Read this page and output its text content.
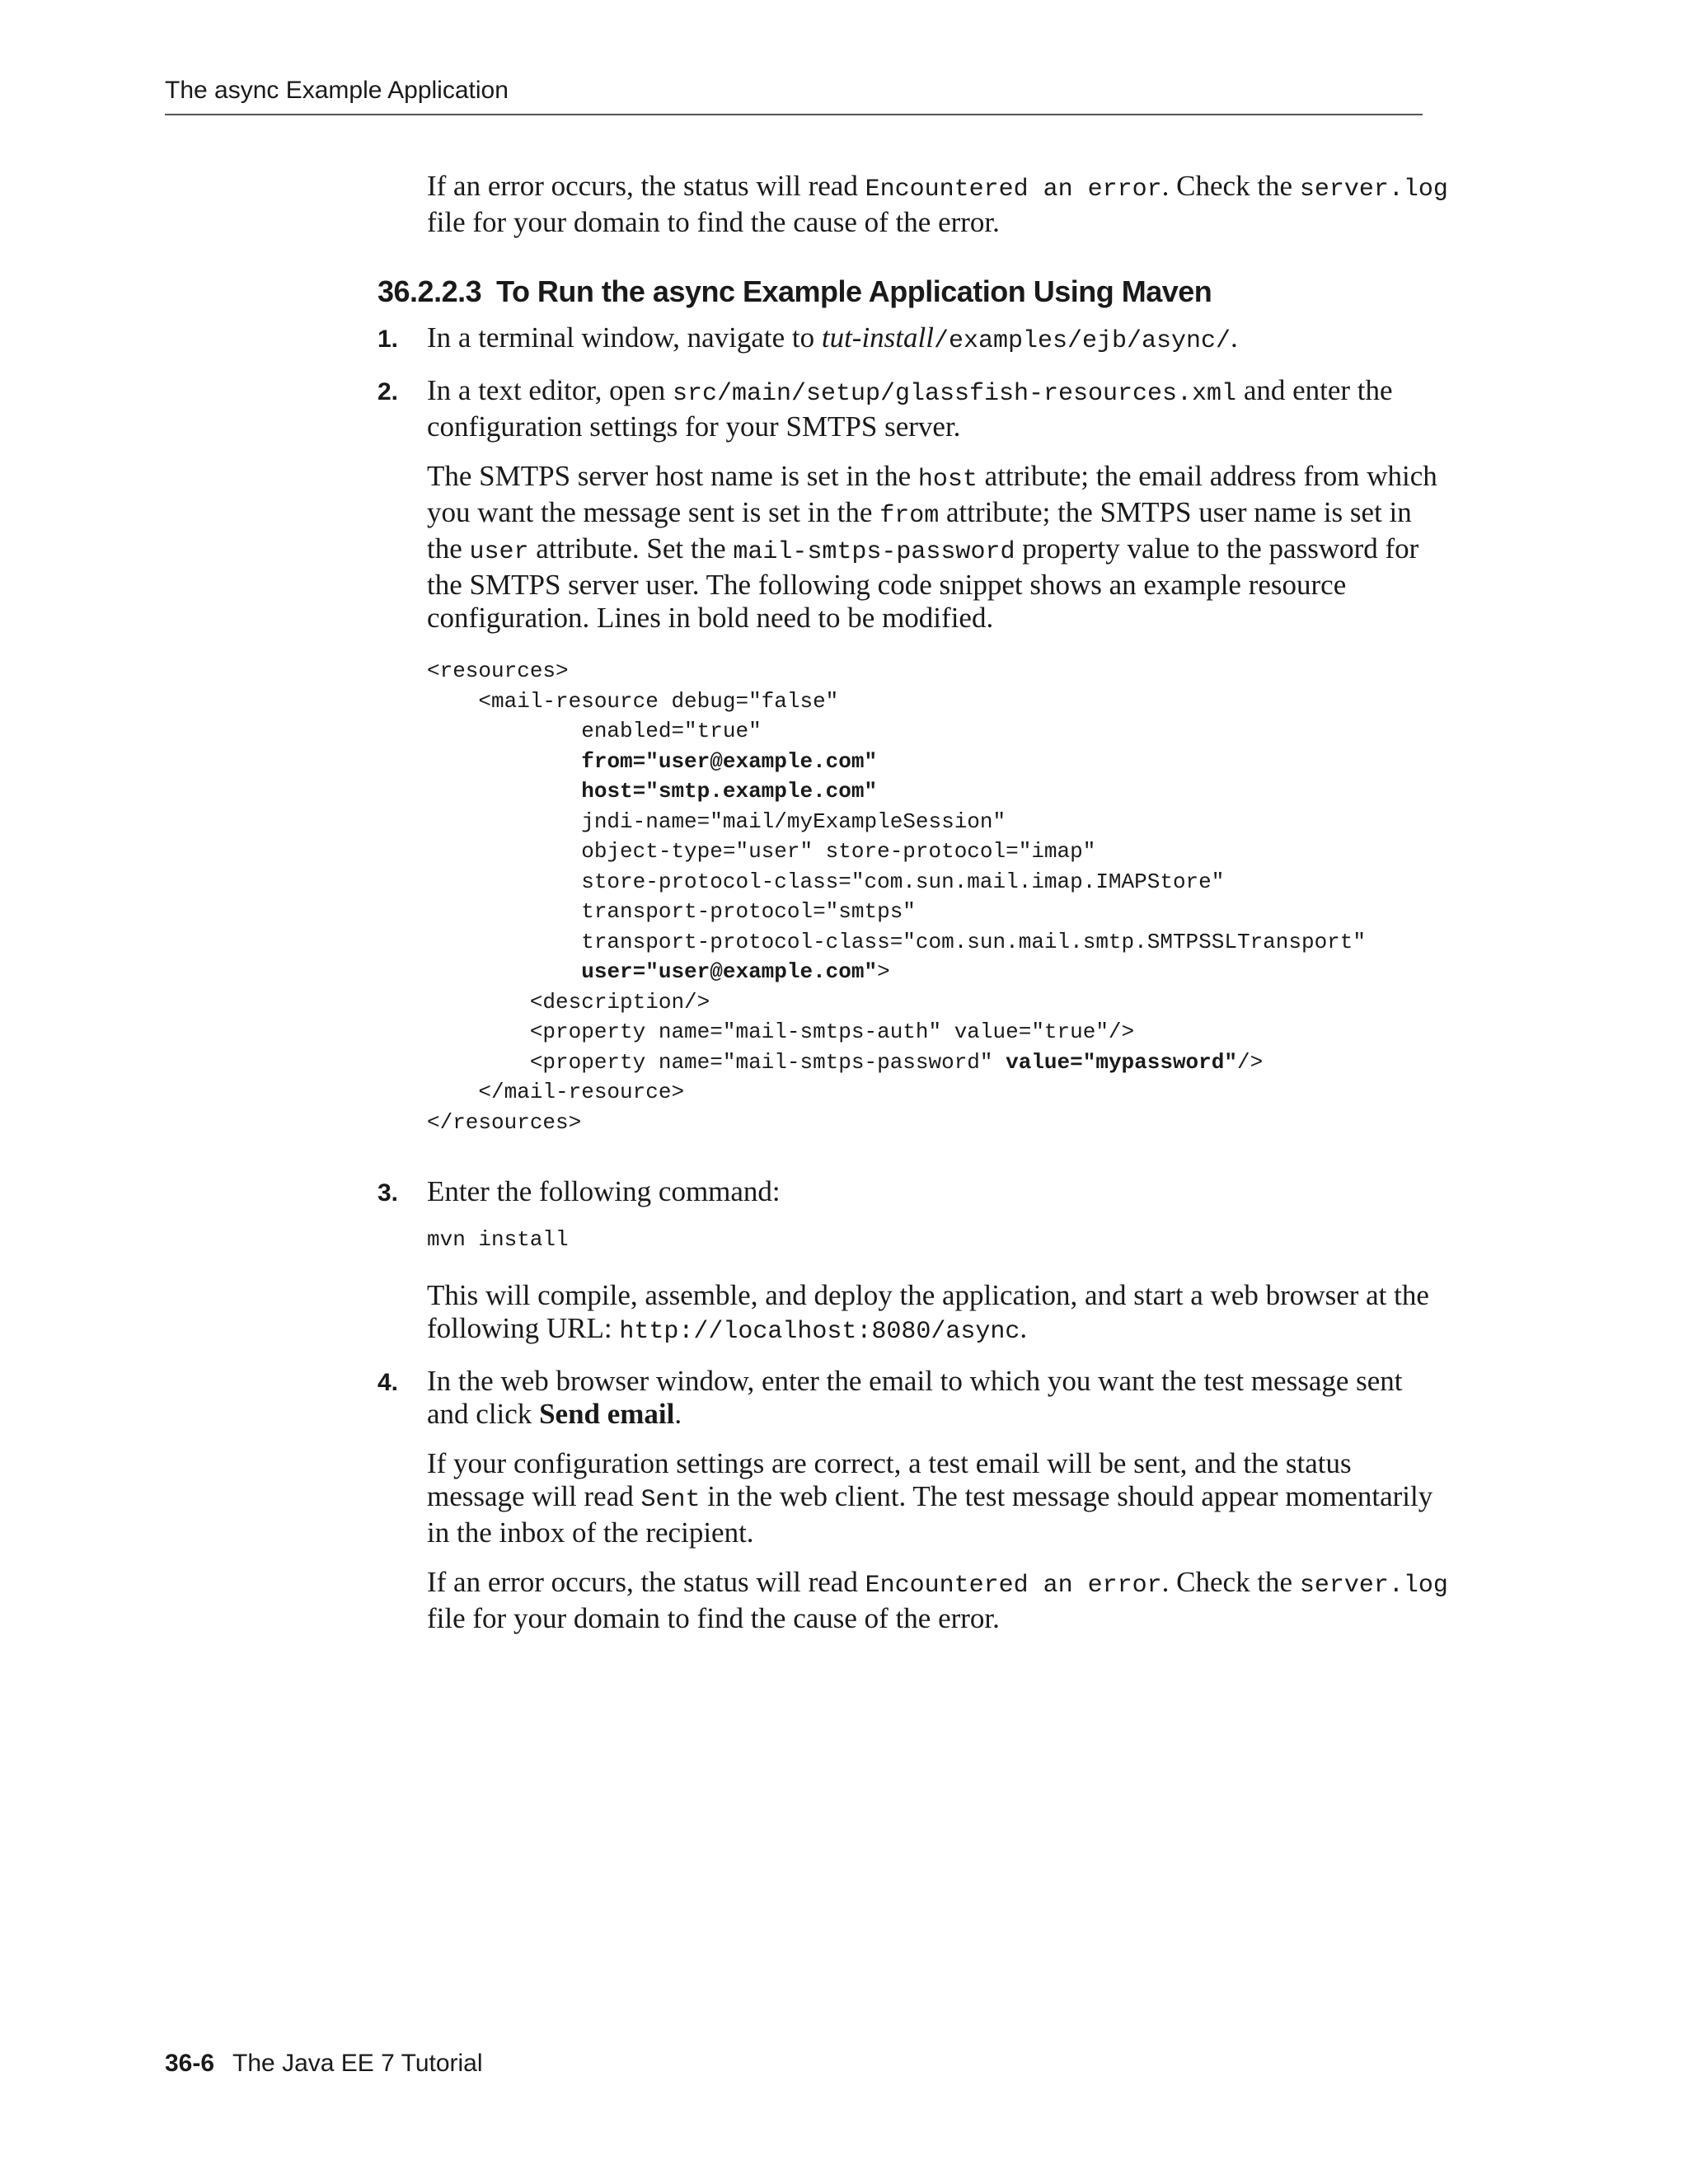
The async Example Application

If an error occurs, the status will read Encountered an error. Check the server.log file for your domain to find the cause of the error.

36.2.2.3 To Run the async Example Application Using Maven
1. In a terminal window, navigate to tut-install/examples/ejb/async/.

2. In a text editor, open src/main/setup/glassfish-resources.xml and enter the configuration settings for your SMTPS server.

The SMTPS server host name is set in the host attribute; the email address from which you want the message sent is set in the from attribute; the SMTPS user name is set in the user attribute. Set the mail-smtps-password property value to the password for the SMTPS server user. The following code snippet shows an example resource configuration. Lines in bold need to be modified.

<resources>
<mail-resource debug="false"
enabled="true"
from="user@example.com"
host="smtp.example.com"
jndi-name="mail/myExampleSession"
object-type="user" store-protocol="imap"
store-protocol-class="com.sun.mail.imap.IMAPStore"
transport-protocol="smtps"
transport-protocol-class="com.sun.mail.smtp.SMTPSSLTransport"
user="user@example.com">
<description/>
<property name="mail-smtps-auth" value="true"/>
<property name="mail-smtps-password" value="mypassword"/>
</mail-resource>
</resources>
3. Enter the following command:

mvn install

This will compile, assemble, and deploy the application, and start a web browser at the following URL: http://localhost:8080/async.

4. In the web browser window, enter the email to which you want the test message sent and click Send email.

If your configuration settings are correct, a test email will be sent, and the status message will read Sent in the web client. The test message should appear momentarily in the inbox of the recipient.

If an error occurs, the status will read Encountered an error. Check the server.log file for your domain to find the cause of the error.

36-6 The Java EE 7 Tutorial
